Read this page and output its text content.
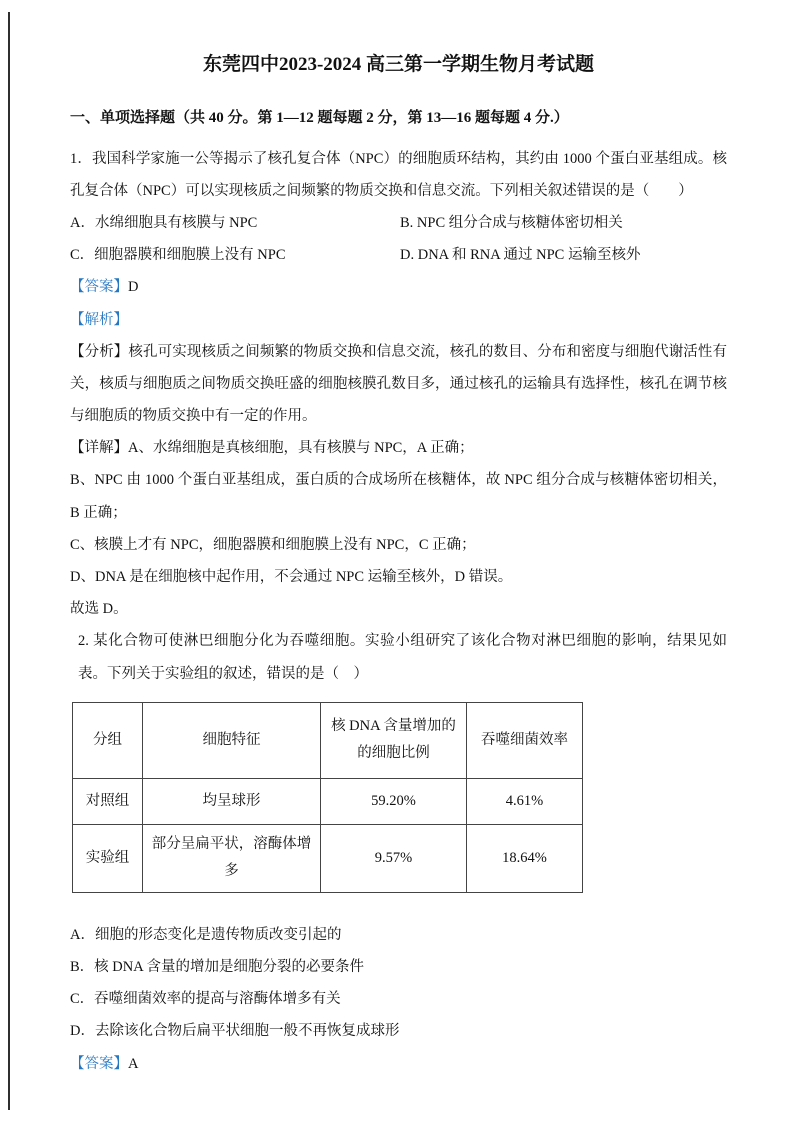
东莞四中2023-2024 高三第一学期生物月考试题
一、单项选择题（共 40 分。第 1—12 题每题 2 分，第 13—16 题每题 4 分.）

1．我国科学家施一公等揭示了核孔复合体（NPC）的细胞质环结构，其约由 1000 个蛋白亚基组成。核孔复合体（NPC）可以实现核质之间频繁的物质交换和信息交流。下列相关叙述错误的是（　　）

A．水绵细胞具有核膜与 NPC	B. NPC 组分合成与核糖体密切相关
C．细胞器膜和细胞膜上没有 NPC	D. DNA 和 RNA 通过 NPC 运输至核外

【答案】D

【解析】

【分析】核孔可实现核质之间频繁的物质交换和信息交流，核孔的数目、分布和密度与细胞代谢活性有关，核质与细胞质之间物质交换旺盛的细胞核膜孔数目多，通过核孔的运输具有选择性，核孔在调节核与细胞质的物质交换中有一定的作用。

【详解】A、水绵细胞是真核细胞，具有核膜与 NPC，A 正确；

B、NPC 由 1000 个蛋白亚基组成，蛋白质的合成场所在核糖体，故 NPC 组分合成与核糖体密切相关，B 正确；

C、核膜上才有 NPC，细胞器膜和细胞膜上没有 NPC，C 正确；

D、DNA 是在细胞核中起作用，不会通过 NPC 运输至核外，D 错误。

故选 D。

2. 某化合物可使淋巴细胞分化为吞噬细胞。实验小组研究了该化合物对淋巴细胞的影响，结果见如表。下列关于实验组的叙述，错误的是（　）

分组	细胞特征	核 DNA 含量增加的 的细胞比例	吞噬细菌效率
对照组	均呈球形	59.20%	4.61%
实验组	部分呈扁平状，溶酶体增多	9.57%	18.64%

A．细胞的形态变化是遗传物质改变引起的

B．核 DNA 含量的增加是细胞分裂的必要条件

C．吞噬细菌效率的提高与溶酶体增多有关

D．去除该化合物后扁平状细胞一般不再恢复成球形

【答案】A
